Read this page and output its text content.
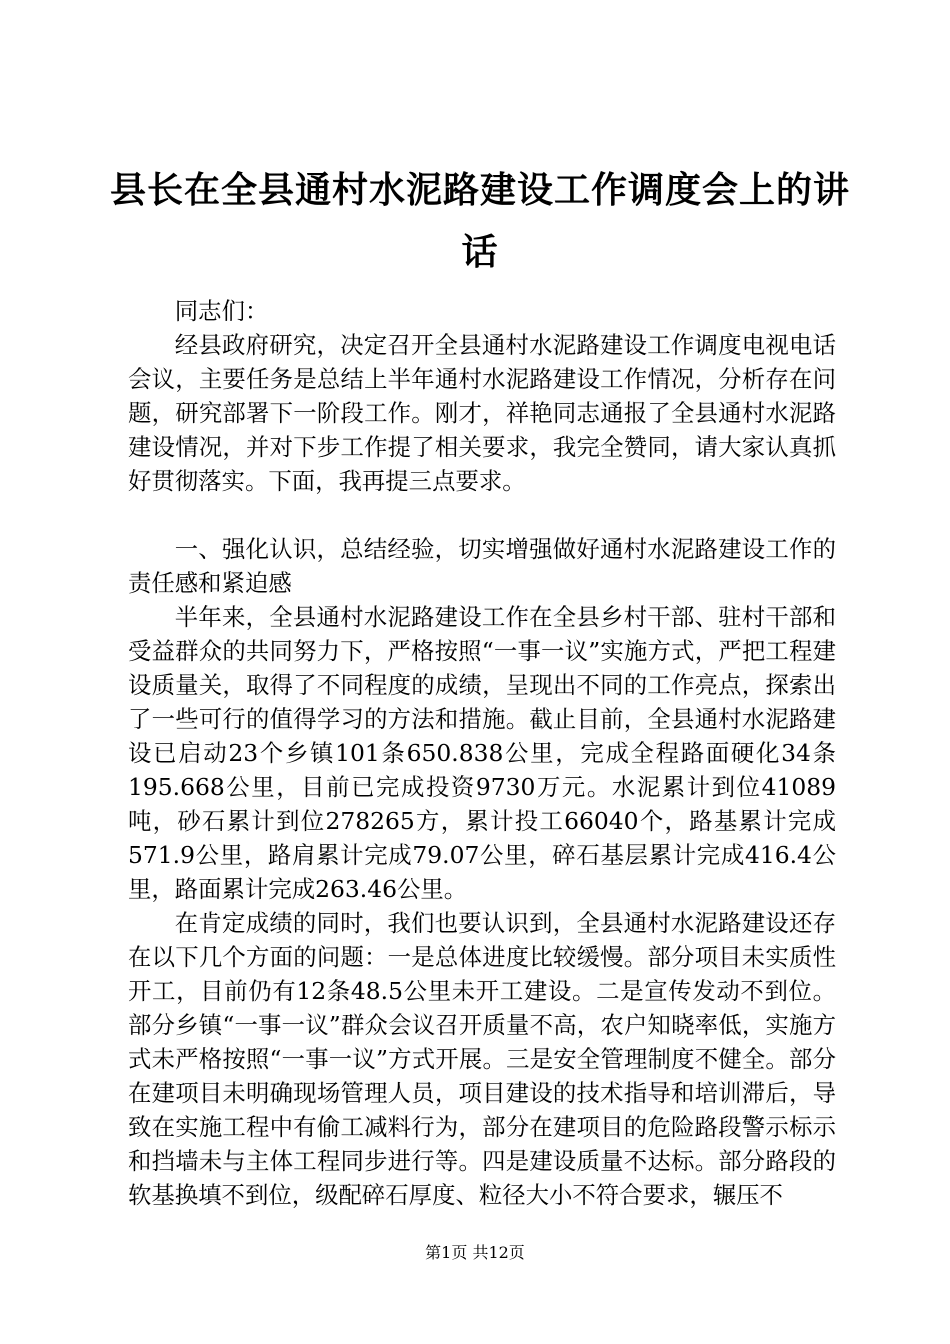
县长在全县通村水泥路建设工作调度会上的讲话

同志们：

经县政府研究，决定召开全县通村水泥路建设工作调度电视电话会议，主要任务是总结上半年通村水泥路建设工作情况，分析存在问题，研究部署下一阶段工作。刚才，祥艳同志通报了全县通村水泥路建设情况，并对下步工作提了相关要求，我完全赞同，请大家认真抓好贯彻落实。下面，我再提三点要求。

一、强化认识，总结经验，切实增强做好通村水泥路建设工作的责任感和紧迫感

半年来，全县通村水泥路建设工作在全县乡村干部、驻村干部和受益群众的共同努力下，严格按照“一事一议”实施方式，严把工程建设质量关，取得了不同程度的成绩，呈现出不同的工作亮点，探索出了一些可行的值得学习的方法和措施。截止目前，全县通村水泥路建设已启动23个乡镇101条650.838公里，完成全程路面硬化34条195.668公里，目前已完成投资9730万元。水泥累计到位41089吨，砂石累计到位278265方，累计投工66040个，路基累计完成571.9公里，路肩累计完成79.07公里，碎石基层累计完成416.4公里，路面累计完成263.46公里。

在肯定成绩的同时，我们也要认识到，全县通村水泥路建设还存在以下几个方面的问题：一是总体进度比较缓慢。部分项目未实质性开工，目前仍有12条48.5公里未开工建设。二是宣传发动不到位。部分乡镇“一事一议”群众会议召开质量不高，农户知晓率低，实施方式未严格按照“一事一议”方式开展。三是安全管理制度不健全。部分在建项目未明确现场管理人员，项目建设的技术指导和培训滞后，导致在实施工程中有偷工减料行为，部分在建项目的危险路段警示标示和挡墙未与主体工程同步进行等。四是建设质量不达标。部分路段的软基换填不到位，级配碎石厚度、粒径大小不符合要求，辗压不

第1页 共12页
